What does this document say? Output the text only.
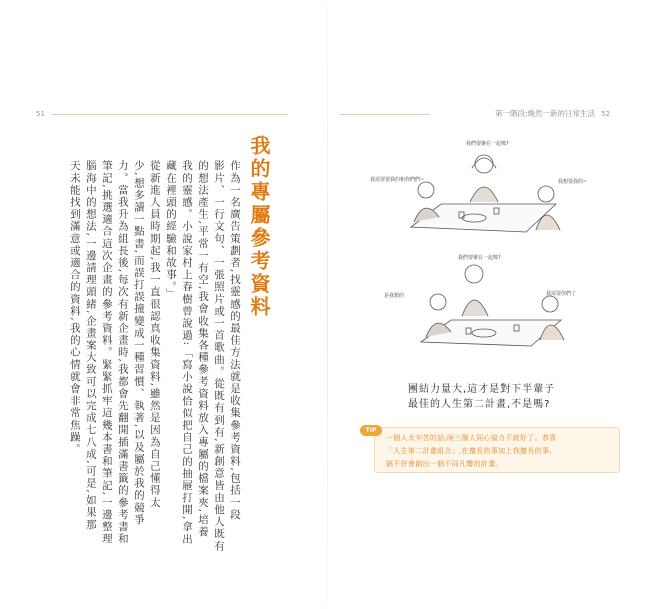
51
我的專屬參考資料
作為一名廣告策劃者,找靈感的最佳方法就是收集參考資料,包括一段
影片、一行文句、一張照片或一首歌曲。從既有到有,新創意皆由他人既有
的想法產生,平常一有空,我會收集各種參考資料放入專屬的檔案夾,培養
我的靈感。小說家村上春樹曾說過:「寫小說恰似把自己的抽屜打開,拿出
藏在裡頭的經驗和故事。」
從新進人員時期起,我一直很認真收集資料,雖然是因為自己懂得太
少,想多讀一點書,而誤打誤撞變成一種習慣、執著,以及屬於我的競爭
力。當我升為組長後,每次有新企畫時,我都會先翻開插滿書籤的參考書和
筆記,挑選適合這次企畫的參考資料。緊緊抓牢這幾本書和筆記,一邊整理
腦海中的想法,一邊請理頭緒,企畫案大致可以完成七八成,可是,如果那
天未能找到滿意或適合的資料,我的心情就會非常焦躁。
第一階段:煥然一新的日常生活 52
我們要聚在一起嗎?
我需要要我的和你們們~	我想要我的~
我們要聚在一起嗎?
是我想的	我需要你們了
團結力量大,這才是對下半輩子
最佳的人生第二計畫,不是嗎?
TIP
一個人太辛苦的話,兩三個人同心協力不就好了。恭喜
「人生第二計畫組合」,在擅長的事加上我擅長的事,
搞不好會創出一個不同凡響的計畫。
